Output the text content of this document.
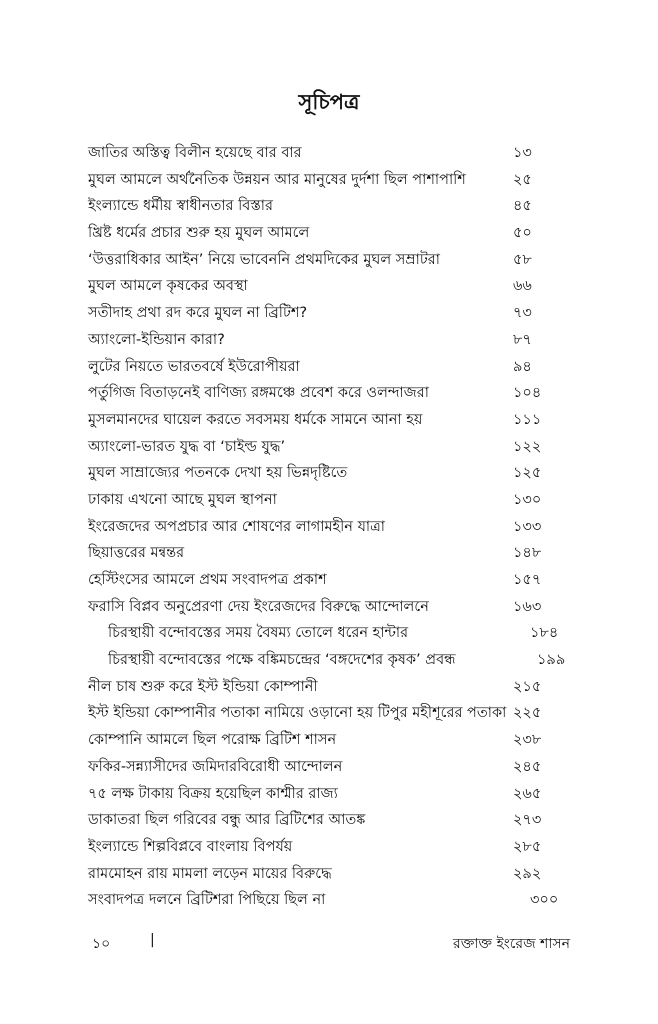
সূচিপত্র
জাতির অস্তিত্ব বিলীন হয়েছে বার বার	১৩
মুঘল আমলে অর্থনৈতিক উন্নয়ন আর মানুষের দুর্দশা ছিল পাশাপাশি	২৫
ইংল্যান্ডে ধর্মীয় স্বাধীনতার বিস্তার	৪৫
খ্রিষ্ট ধর্মের প্রচার শুরু হয় মুঘল আমলে	৫০
‘উত্তরাধিকার আইন’ নিয়ে ভাবেননি প্রথমদিকের মুঘল সম্রাটরা	৫৮
মুঘল আমলে কৃষকের অবস্থা	৬৬
সতীদাহ প্রথা রদ করে মুঘল না ব্রিটিশ?	৭৩
অ্যাংলো-ইন্ডিয়ান কারা?	৮৭
লুটের নিয়তে ভারতবর্ষে ইউরোপীয়রা	৯৪
পর্তুগিজ বিতাড়নেই বাণিজ্য রঙ্গমঞ্চে প্রবেশ করে ওলন্দাজরা	১০৪
মুসলমানদের ঘায়েল করতে সবসময় ধর্মকে সামনে আনা হয়	১১১
অ্যাংলো-ভারত যুদ্ধ বা ‘চাইল্ড যুদ্ধ’	১২২
মুঘল সাম্রাজ্যের পতনকে দেখা হয় ভিন্নদৃষ্টিতে	১২৫
ঢাকায় এখনো আছে মুঘল স্থাপনা	১৩০
ইংরেজদের অপপ্রচার আর শোষণের লাগামহীন যাত্রা	১৩৩
ছিয়াত্তরের মন্বন্তর	১৪৮
হেস্টিংসের আমলে প্রথম সংবাদপত্র প্রকাশ	১৫৭
ফরাসি বিপ্লব অনুপ্রেরণা দেয় ইংরেজদের বিরুদ্ধে আন্দোলনে	১৬৩
চিরস্থায়ী বন্দোবস্তের সময় বৈষম্য তোলে ধরেন হান্টার	১৮৪
চিরস্থায়ী বন্দোবস্তের পক্ষে বঙ্কিমচন্দ্রের ‘বঙ্গদেশের কৃষক’ প্রবন্ধ	১৯৯
নীল চাষ শুরু করে ইস্ট ইন্ডিয়া কোম্পানী	২১৫
ইস্ট ইন্ডিয়া কোম্পানীর পতাকা নামিয়ে ওড়ানো হয় টিপুর মহীশূরের পতাকা ২২৫
কোম্পানি আমলে ছিল পরোক্ষ ব্রিটিশ শাসন	২৩৮
ফকির-সন্ন্যাসীদের জমিদারবিরোধী আন্দোলন	২৪৫
৭৫ লক্ষ টাকায় বিক্রয় হয়েছিল কাশ্মীর রাজ্য	২৬৫
ডাকাতরা ছিল গরিবের বন্ধু আর ব্রিটিশের আতঙ্ক	২৭৩
ইংল্যান্ডে শিল্পবিপ্লবে বাংলায় বিপর্যয়	২৮৫
রামমোহন রায় মামলা লড়েন মায়ের বিরুদ্ধে	২৯২
সংবাদপত্র দলনে ব্রিটিশরা পিছিয়ে ছিল না	৩০০
১০	|	রক্তাক্ত ইংরেজ শাসন
